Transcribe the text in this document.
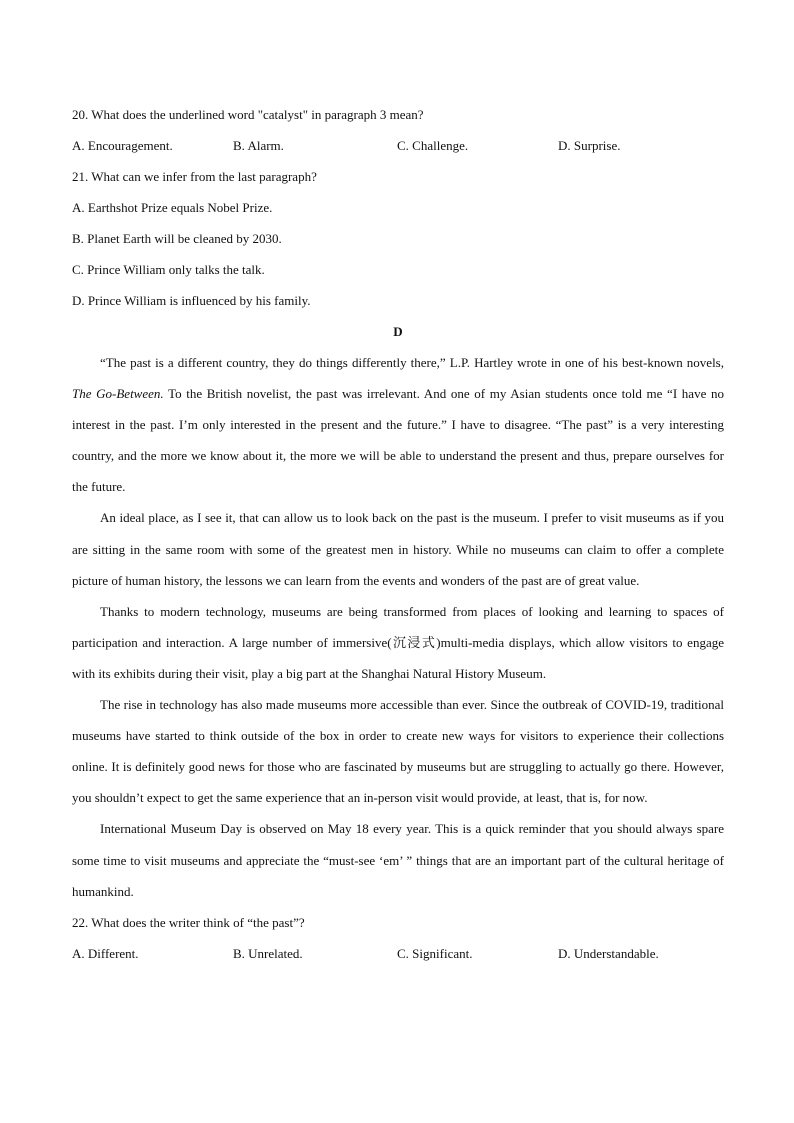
20. What does the underlined word "catalyst" in paragraph 3 mean?
A. Encouragement.	B. Alarm.	C. Challenge.	D. Surprise.
21. What can we infer from the last paragraph?
A. Earthshot Prize equals Nobel Prize.
B. Planet Earth will be cleaned by 2030.
C. Prince William only talks the talk.
D. Prince William is influenced by his family.
D

“The past is a different country, they do things differently there,” L.P. Hartley wrote in one of his best-known novels, The Go-Between. To the British novelist, the past was irrelevant. And one of my Asian students once told me “I have no interest in the past. I’m only interested in the present and the future.” I have to disagree. “The past” is a very interesting country, and the more we know about it, the more we will be able to understand the present and thus, prepare ourselves for the future.

An ideal place, as I see it, that can allow us to look back on the past is the museum. I prefer to visit museums as if you are sitting in the same room with some of the greatest men in history. While no museums can claim to offer a complete picture of human history, the lessons we can learn from the events and wonders of the past are of great value.

Thanks to modern technology, museums are being transformed from places of looking and learning to spaces of participation and interaction. A large number of immersive(沉浸式)multi-media displays, which allow visitors to engage with its exhibits during their visit, play a big part at the Shanghai Natural History Museum.

The rise in technology has also made museums more accessible than ever. Since the outbreak of COVID-19, traditional museums have started to think outside of the box in order to create new ways for visitors to experience their collections online. It is definitely good news for those who are fascinated by museums but are struggling to actually go there. However, you shouldn’t expect to get the same experience that an in-person visit would provide, at least, that is, for now.

International Museum Day is observed on May 18 every year. This is a quick reminder that you should always spare some time to visit museums and appreciate the “must-see ‘em’ ” things that are an important part of the cultural heritage of humankind.

22. What does the writer think of “the past”?
A. Different.	B. Unrelated.	C. Significant.	D. Understandable.
